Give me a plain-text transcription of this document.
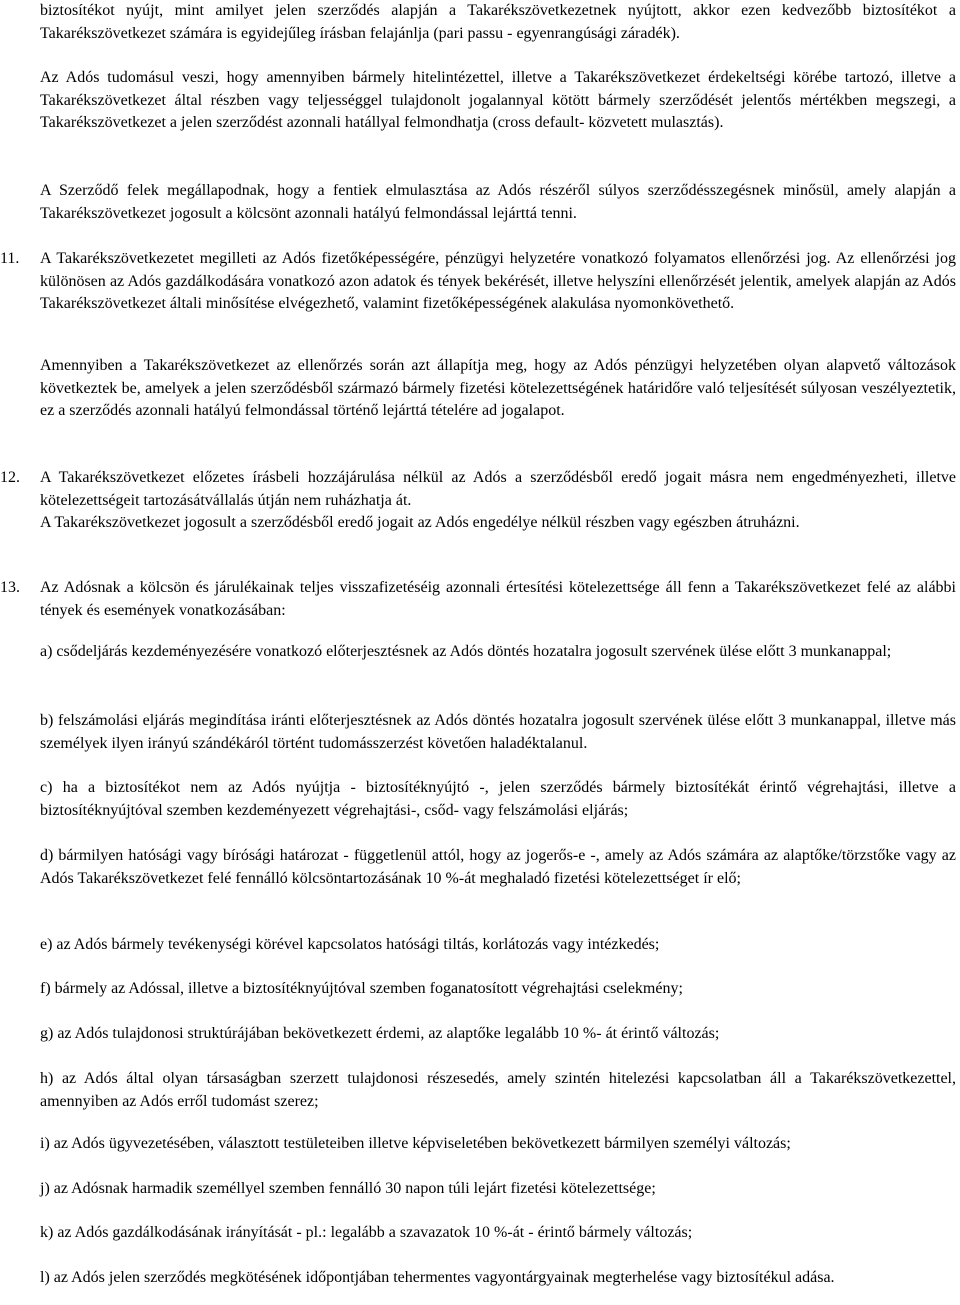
biztosítékot nyújt, mint amilyet jelen szerződés alapján a Takarékszövetkezetnek nyújtott, akkor ezen kedvezőbb biztosítékot a Takarékszövetkezet számára is egyidejűleg írásban felajánlja (pari passu - egyenrangúsági záradék).

Az Adós tudomásul veszi, hogy amennyiben bármely hitelintézettel, illetve a Takarékszövetkezet érdekeltségi körébe tartozó, illetve a Takarékszövetkezet által részben vagy teljességgel tulajdonolt jogalannyal kötött bármely szerződését jelentős mértékben megszegi, a Takarékszövetkezet a jelen szerződést azonnali hatállyal felmondhatja (cross default- közvetett mulasztás).

A Szerződő felek megállapodnak, hogy a fentiek elmulasztása az Adós részéről súlyos szerződésszegésnek minősül, amely alapján a Takarékszövetkezet jogosult a kölcsönt azonnali hatályú felmondással lejárttá tenni.

11. A Takarékszövetkezetet megilleti az Adós fizetőképességére, pénzügyi helyzetére vonatkozó folyamatos ellenőrzési jog. Az ellenőrzési jog különösen az Adós gazdálkodására vonatkozó azon adatok és tények bekérését, illetve helyszíni ellenőrzését jelentik, amelyek alapján az Adós Takarékszövetkezet általi minősítése elvégezhető, valamint fizetőképességének alakulása nyomonkövethető.

Amennyiben a Takarékszövetkezet az ellenőrzés során azt állapítja meg, hogy az Adós pénzügyi helyzetében olyan alapvető változások következtek be, amelyek a jelen szerződésből származó bármely fizetési kötelezettségének határidőre való teljesítését súlyosan veszélyeztetik, ez a szerződés azonnali hatályú felmondással történő lejárttá tételére ad jogalapot.

12. A Takarékszövetkezet előzetes írásbeli hozzájárulása nélkül az Adós a szerződésből eredő jogait másra nem engedményezheti, illetve kötelezettségeit tartozásátvállalás útján nem ruházhatja át.

A Takarékszövetkezet jogosult a szerződésből eredő jogait az Adós engedélye nélkül részben vagy egészben átruházni.

13. Az Adósnak a kölcsön és járulékainak teljes visszafizetéséig azonnali értesítési kötelezettsége áll fenn a Takarékszövetkezet felé az alábbi tények és események vonatkozásában:

a) csődeljárás kezdeményezésére vonatkozó előterjesztésnek az Adós döntés hozatalra jogosult szervének ülése előtt 3 munkanappal;

b) felszámolási eljárás megindítása iránti előterjesztésnek az Adós döntés hozatalra jogosult szervének ülése előtt 3 munkanappal, illetve más személyek ilyen irányú szándékáról történt tudomásszerzést követően haladéktalanul.

c) ha a biztosítékot nem az Adós nyújtja - biztosítéknyújtó -, jelen szerződés bármely biztosítékát érintő végrehajtási, illetve a biztosítéknyújtóval szemben kezdeményezett végrehajtási-, csőd- vagy felszámolási eljárás;

d) bármilyen hatósági vagy bírósági határozat - függetlenül attól, hogy az jogerős-e -, amely az Adós számára az alaptőke/törzstőke vagy az Adós Takarékszövetkezet felé fennálló kölcsöntartozásának 10 %-át meghaladó fizetési kötelezettséget ír elő;

e) az Adós bármely tevékenységi körével kapcsolatos hatósági tiltás, korlátozás vagy intézkedés;

f) bármely az Adóssal, illetve a biztosítéknyújtóval szemben foganatosított végrehajtási cselekmény;

g) az Adós tulajdonosi struktúrájában bekövetkezett érdemi, az alaptőke legalább 10 %- át érintő változás;

h) az Adós által olyan társaságban szerzett tulajdonosi részesedés, amely szintén hitelezési kapcsolatban áll a Takarékszövetkezettel, amennyiben az Adós erről tudomást szerez;

i) az Adós ügyvezetésében, választott testületeiben illetve képviseletében bekövetkezett bármilyen személyi változás;

j) az Adósnak harmadik személlyel szemben fennálló 30 napon túli lejárt fizetési kötelezettsége;

k) az Adós gazdálkodásának irányítását - pl.: legalább a szavazatok 10 %-át - érintő bármely változás;

l) az Adós jelen szerződés megkötésének időpontjában tehermentes vagyontárgyainak megterhelése vagy biztosítékul adása.
